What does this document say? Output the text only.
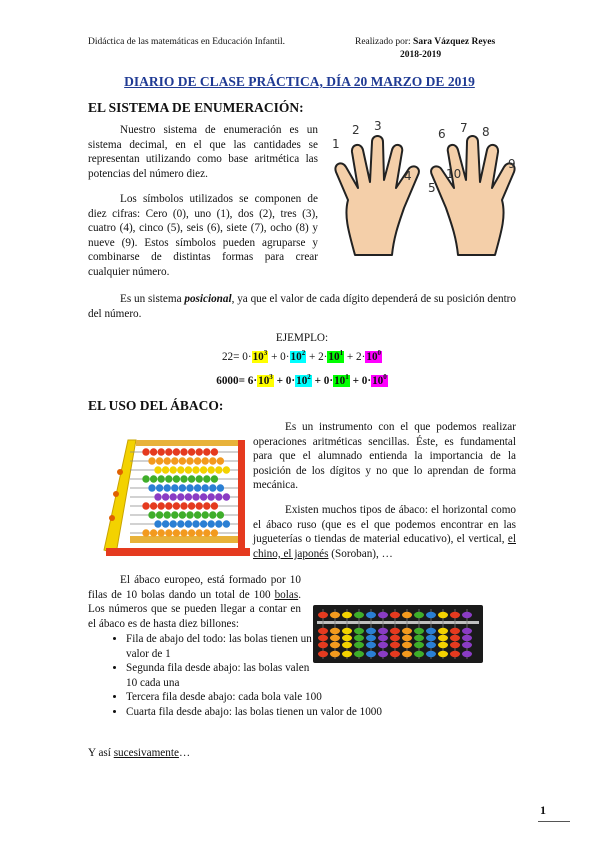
Didáctica de las matemáticas en Educación Infantil.	Realizado por: Sara Vázquez Reyes
2018-2019
DIARIO DE CLASE PRÁCTICA, DÍA 20 MARZO DE 2019
EL SISTEMA DE ENUMERACIÓN:
Nuestro sistema de enumeración es un sistema decimal, en el que las cantidades se representan utilizando como base aritmética las potencias del número diez.
Los símbolos utilizados se componen de diez cifras: Cero (0), uno (1), dos (2), tres (3), cuatro (4), cinco (5), seis (6), siete (7), ocho (8) y nueve (9). Estos símbolos pueden agruparse y combinarse de distintas formas para crear cualquier número.
1
2 3
4
5
6 7 8
9
10
Es un sistema posicional, ya que el valor de cada dígito dependerá de su posición dentro del número.
EJEMPLO:
$22= 0\cdot 10^3 + 0\cdot 10^2 + 2\cdot 10^1 + 2\cdot 10^0$
$6000= 6\cdot 10^3 + 0\cdot 10^2 + 0\cdot 10^1 + 0\cdot 10^0$
EL USO DEL ÁBACO:
Es un instrumento con el que podemos realizar operaciones aritméticas sencillas. Éste, es fundamental para que el alumnado entienda la importancia de la posición de los dígitos y no que lo aprendan de forma mecánica.
Existen muchos tipos de ábaco: el horizontal como el ábaco ruso (que es el que podemos encontrar en las jugueterías o tiendas de material educativo), el vertical, el chino, el japonés (Soroban), …
El ábaco europeo, está formado por 10 filas de 10 bolas dando un total de 100 bolas. Los números que se pueden llegar a contar en el ábaco es de hasta diez billones:
• Fila de abajo del todo: las bolas tienen un valor de 1
• Segunda fila desde abajo: las bolas valen 10 cada una
• Tercera fila desde abajo: cada bola vale 100
• Cuarta fila desde abajo: las bolas tienen un valor de 1000
Y así sucesivamente…
1
